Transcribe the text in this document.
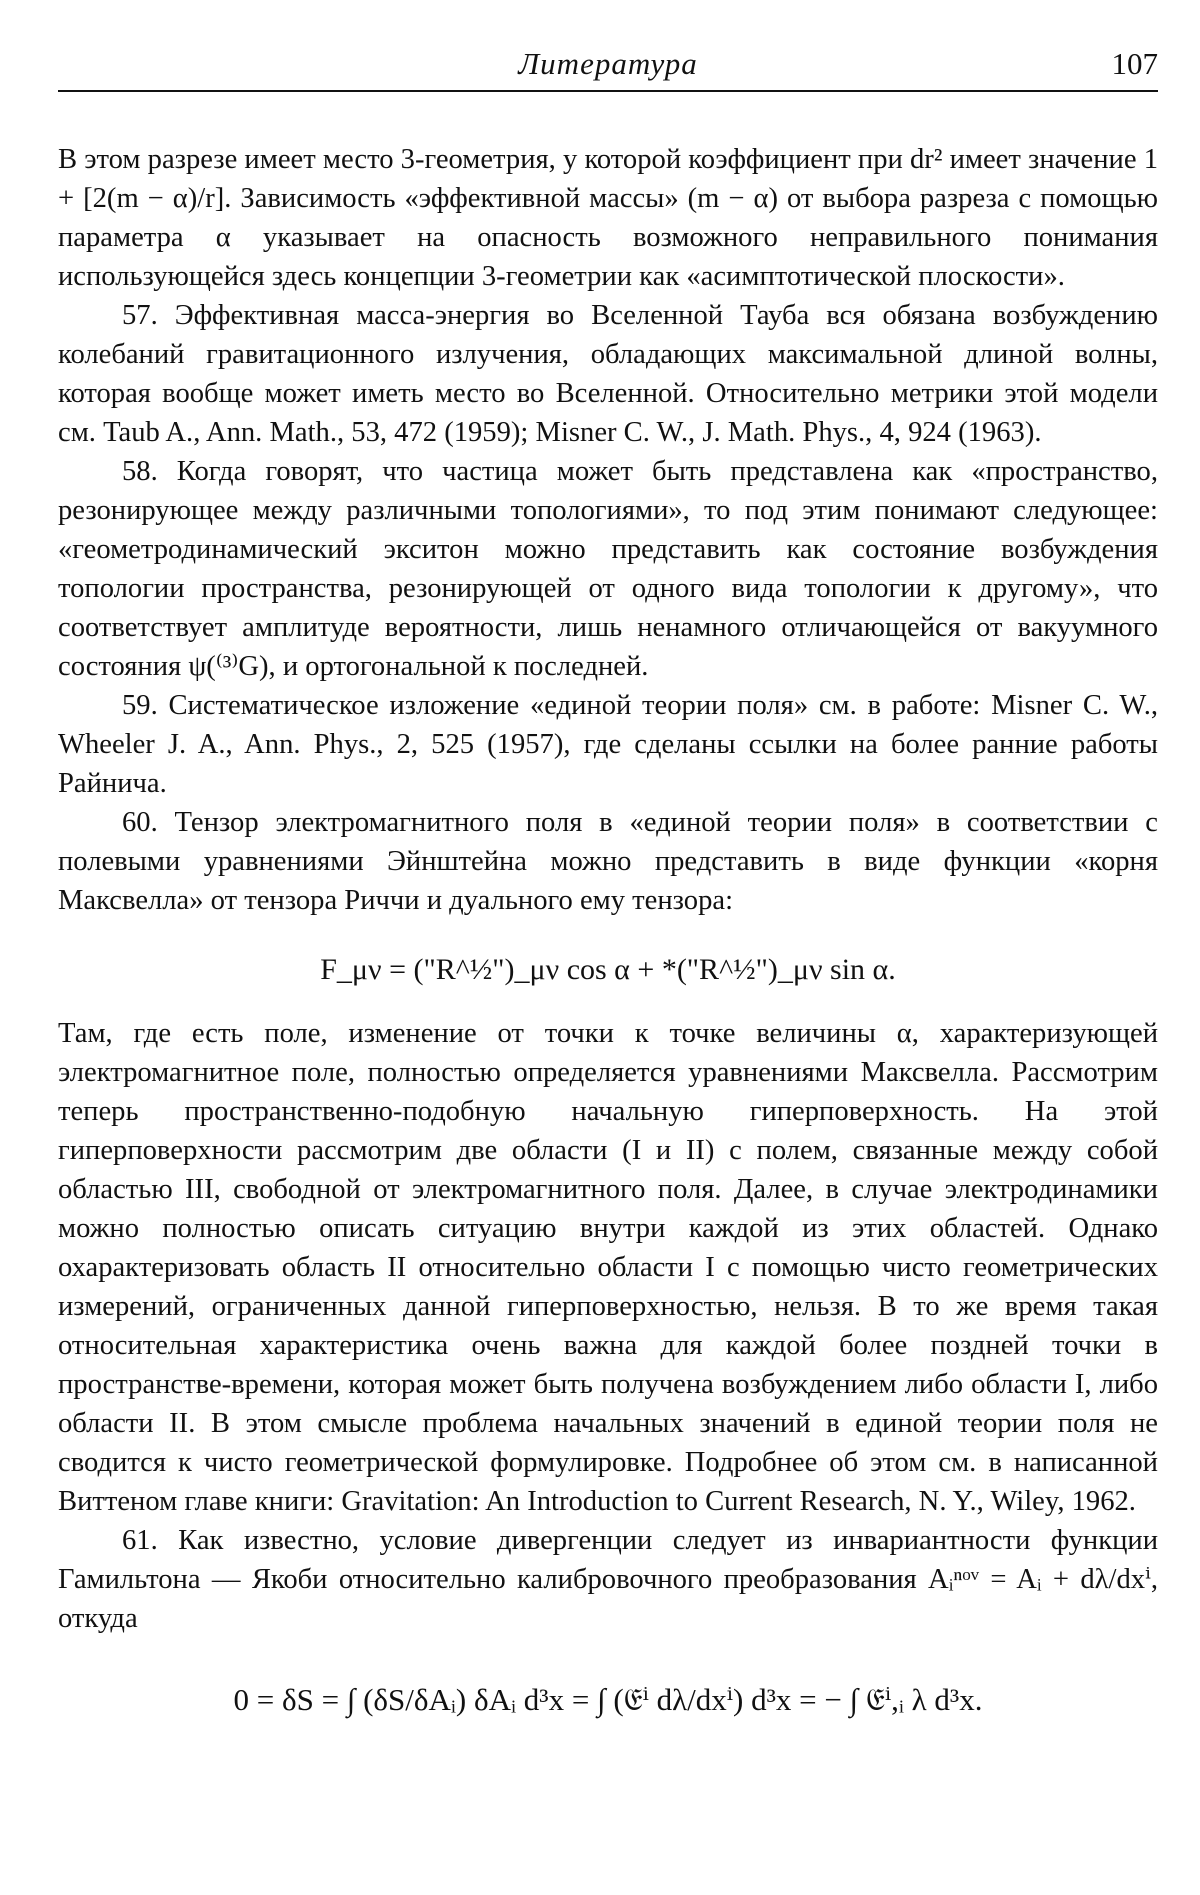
Литература	107

В этом разрезе имеет место 3-геометрия, у которой коэффициент при dr² имеет значение 1 + [2(m − α)/r]. Зависимость «эффективной массы» (m − α) от выбора разреза с помощью параметра α указывает на опасность возможного неправильного понимания использующейся здесь концепции 3-геометрии как «асимптотической плоскости».

57. Эффективная масса-энергия во Вселенной Тауба вся обязана возбуждению колебаний гравитационного излучения, обладающих максимальной длиной волны, которая вообще может иметь место во Вселенной. Относительно метрики этой модели см. Taub A., Ann. Math., 53, 472 (1959); Misner C. W., J. Math. Phys., 4, 924 (1963).

58. Когда говорят, что частица может быть представлена как «пространство, резонирующее между различными топологиями», то под этим понимают следующее: «геометродинамический экситон можно представить как состояние возбуждения топологии пространства, резонирующей от одного вида топологии к другому», что соответствует амплитуде вероятности, лишь ненамного отличающейся от вакуумного состояния ψ(⁽³⁾G), и ортогональной к последней.

59. Систематическое изложение «единой теории поля» см. в работе: Misner C. W., Wheeler J. A., Ann. Phys., 2, 525 (1957), где сделаны ссылки на более ранние работы Райнича.

60. Тензор электромагнитного поля в «единой теории поля» в соответствии с полевыми уравнениями Эйнштейна можно представить в виде функции «корня Максвелла» от тензора Риччи и дуального ему тензора:

F_μν = ("R^½")_μν cos α + *("R^½")_μν sin α.

Там, где есть поле, изменение от точки к точке величины α, характеризующей электромагнитное поле, полностью определяется уравнениями Максвелла. Рассмотрим теперь пространственно-подобную начальную гиперповерхность. На этой гиперповерхности рассмотрим две области (I и II) с полем, связанные между собой областью III, свободной от электромагнитного поля. Далее, в случае электродинамики можно полностью описать ситуацию внутри каждой из этих областей. Однако охарактеризовать область II относительно области I с помощью чисто геометрических измерений, ограниченных данной гиперповерхностью, нельзя. В то же время такая относительная характеристика очень важна для каждой более поздней точки в пространстве-времени, которая может быть получена возбуждением либо области I, либо области II. В этом смысле проблема начальных значений в единой теории поля не сводится к чисто геометрической формулировке. Подробнее об этом см. в написанной Виттеном главе книги: Gravitation: An Introduction to Current Research, N. Y., Wiley, 1962.

61. Как известно, условие дивергенции следует из инвариантности функции Гамильтона — Якоби относительно калибровочного преобразования Aᵢⁿᵒᵛ = Aᵢ + dλ/dxⁱ, откуда

0 = δS = ∫ (δS/δAᵢ) δAᵢ d³x = ∫ (𝔈ⁱ dλ/dxⁱ) d³x = − ∫ 𝔈ⁱ,ᵢ λ d³x.
